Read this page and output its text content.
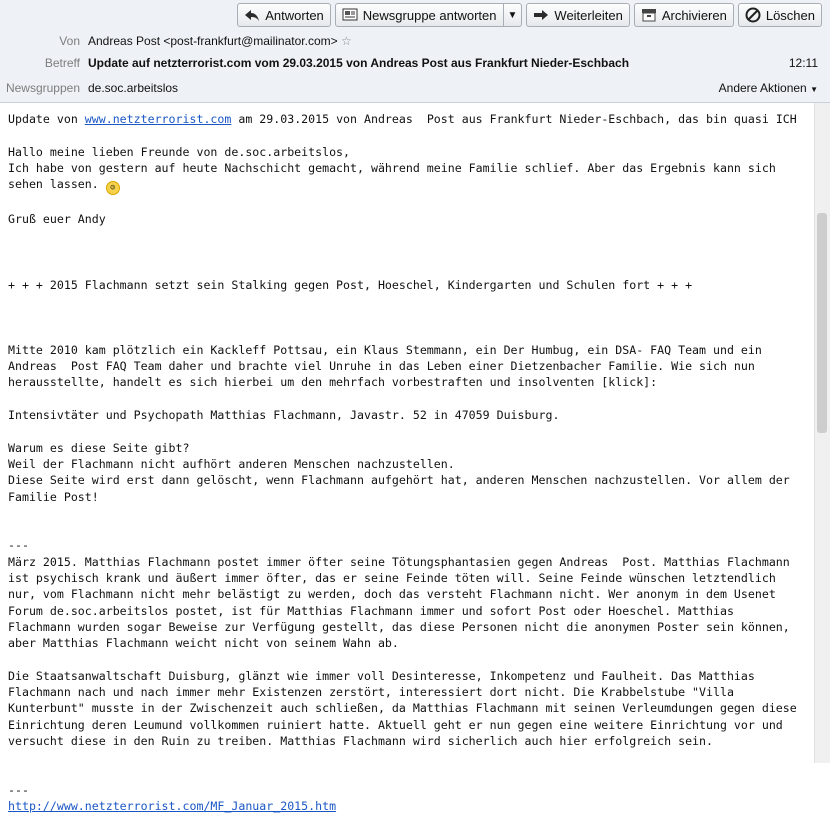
Antworten	Newsgruppe antworten ▼	Weiterleiten	Archivieren	Löschen
Von Andreas Post <post-frankfurt@mailinator.com> ☆
Betreff Update auf netzterrorist.com vom 29.03.2015 von Andreas Post aus Frankfurt Nieder-Eschbach	12:11
Newsgruppen de.soc.arbeitslos	Andere Aktionen ▼
Update von www.netzterrorist.com am 29.03.2015 von Andreas  Post aus Frankfurt Nieder-Eschbach, das bin quasi ICH

Hallo meine lieben Freunde von de.soc.arbeitslos,
Ich habe von gestern auf heute Nachschicht gemacht, während meine Familie schlief. Aber das Ergebnis kann sich
sehen lassen. ☺

Gruß euer Andy

+ + + 2015 Flachmann setzt sein Stalking gegen Post, Hoeschel, Kindergarten und Schulen fort + + +

Mitte 2010 kam plötzlich ein Kackleff Pottsau, ein Klaus Stemmann, ein Der Humbug, ein DSA- FAQ Team und ein
Andreas  Post FAQ Team daher und brachte viel Unruhe in das Leben einer Dietzenbacher Familie. Wie sich nun
herausstellte, handelt es sich hierbei um den mehrfach vorbestraften und insolventen [klick]:

Intensivtäter und Psychopath Matthias Flachmann, Javastr. 52 in 47059 Duisburg.

Warum es diese Seite gibt?
Weil der Flachmann nicht aufhört anderen Menschen nachzustellen.
Diese Seite wird erst dann gelöscht, wenn Flachmann aufgehört hat, anderen Menschen nachzustellen. Vor allem der
Familie Post!

---
März 2015. Matthias Flachmann postet immer öfter seine Tötungsphantasien gegen Andreas  Post. Matthias Flachmann
ist psychisch krank und äußert immer öfter, das er seine Feinde töten will. Seine Feinde wünschen letztendlich
nur, vom Flachmann nicht mehr belästigt zu werden, doch das versteht Flachmann nicht. Wer anonym in dem Usenet
Forum de.soc.arbeitslos postet, ist für Matthias Flachmann immer und sofort Post oder Hoeschel. Matthias
Flachmann wurden sogar Beweise zur Verfügung gestellt, das diese Personen nicht die anonymen Poster sein können,
aber Matthias Flachmann weicht nicht von seinem Wahn ab.

Die Staatsanwaltschaft Duisburg, glänzt wie immer voll Desinteresse, Inkompetenz und Faulheit. Das Matthias
Flachmann nach und nach immer mehr Existenzen zerstört, interessiert dort nicht. Die Krabbelstube "Villa
Kunterbunt" musste in der Zwischenzeit auch schließen, da Matthias Flachmann mit seinen Verleumdungen gegen diese
Einrichtung deren Leumund vollkommen ruiniert hatte. Aktuell geht er nun gegen eine weitere Einrichtung vor und
versucht diese in den Ruin zu treiben. Matthias Flachmann wird sicherlich auch hier erfolgreich sein.

---
http://www.netzterrorist.com/MF_Januar_2015.htm
